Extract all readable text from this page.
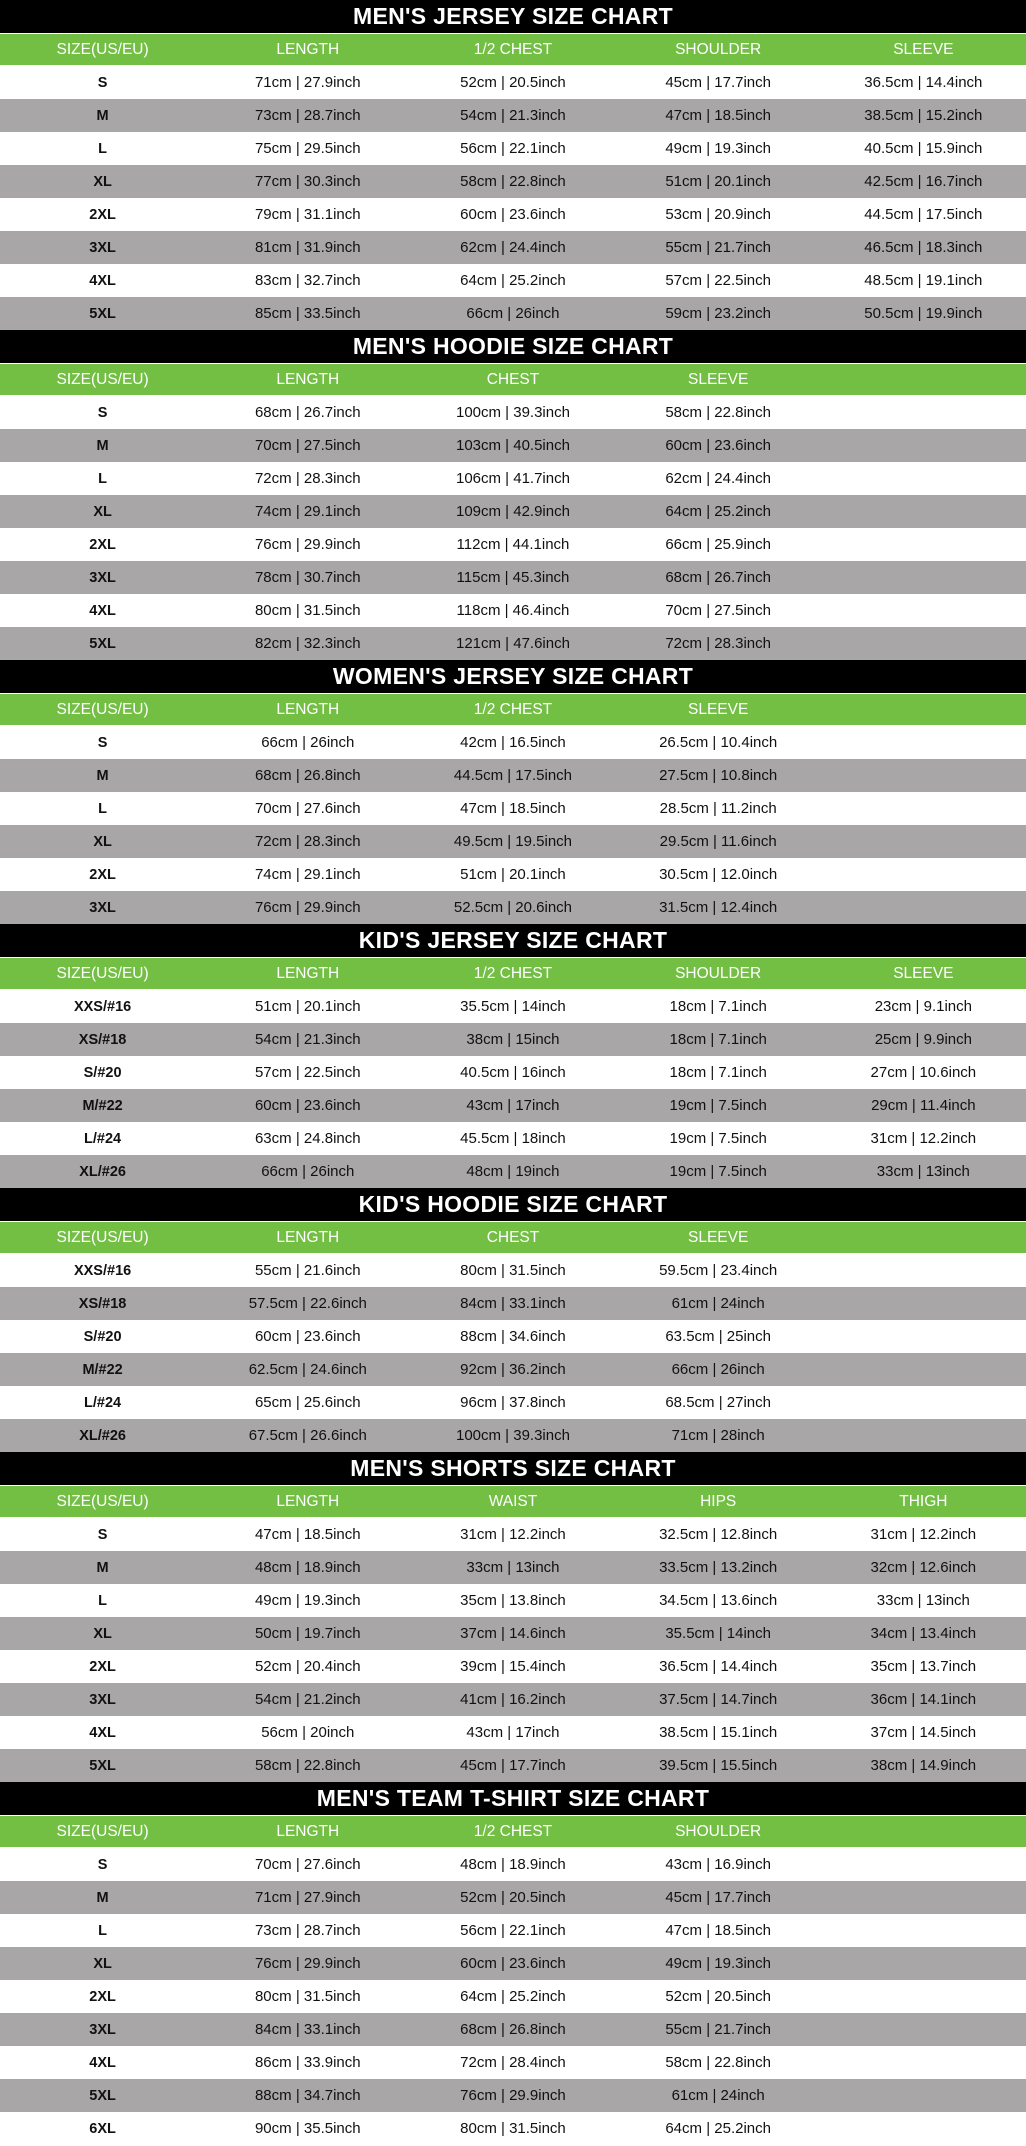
MEN'S JERSEY SIZE CHART
SIZE(US/EU)	LENGTH	1/2 CHEST	SHOULDER	SLEEVE
S	71cm | 27.9inch	52cm | 20.5inch	45cm | 17.7inch	36.5cm | 14.4inch
M	73cm | 28.7inch	54cm | 21.3inch	47cm | 18.5inch	38.5cm | 15.2inch
L	75cm | 29.5inch	56cm | 22.1inch	49cm | 19.3inch	40.5cm | 15.9inch
XL	77cm | 30.3inch	58cm | 22.8inch	51cm | 20.1inch	42.5cm | 16.7inch
2XL	79cm | 31.1inch	60cm | 23.6inch	53cm | 20.9inch	44.5cm | 17.5inch
3XL	81cm | 31.9inch	62cm | 24.4inch	55cm | 21.7inch	46.5cm | 18.3inch
4XL	83cm | 32.7inch	64cm | 25.2inch	57cm | 22.5inch	48.5cm | 19.1inch
5XL	85cm | 33.5inch	66cm | 26inch	59cm | 23.2inch	50.5cm | 19.9inch
MEN'S HOODIE SIZE CHART
SIZE(US/EU)	LENGTH	CHEST	SLEEVE
S	68cm | 26.7inch	100cm | 39.3inch	58cm | 22.8inch
M	70cm | 27.5inch	103cm | 40.5inch	60cm | 23.6inch
L	72cm | 28.3inch	106cm | 41.7inch	62cm | 24.4inch
XL	74cm | 29.1inch	109cm | 42.9inch	64cm | 25.2inch
2XL	76cm | 29.9inch	112cm | 44.1inch	66cm | 25.9inch
3XL	78cm | 30.7inch	115cm | 45.3inch	68cm | 26.7inch
4XL	80cm | 31.5inch	118cm | 46.4inch	70cm | 27.5inch
5XL	82cm | 32.3inch	121cm | 47.6inch	72cm | 28.3inch
WOMEN'S JERSEY SIZE CHART
SIZE(US/EU)	LENGTH	1/2 CHEST	SLEEVE
S	66cm | 26inch	42cm | 16.5inch	26.5cm | 10.4inch
M	68cm | 26.8inch	44.5cm | 17.5inch	27.5cm | 10.8inch
L	70cm | 27.6inch	47cm | 18.5inch	28.5cm | 11.2inch
XL	72cm | 28.3inch	49.5cm | 19.5inch	29.5cm | 11.6inch
2XL	74cm | 29.1inch	51cm | 20.1inch	30.5cm | 12.0inch
3XL	76cm | 29.9inch	52.5cm | 20.6inch	31.5cm | 12.4inch
KID'S JERSEY SIZE CHART
SIZE(US/EU)	LENGTH	1/2 CHEST	SHOULDER	SLEEVE
XXS/#16	51cm | 20.1inch	35.5cm | 14inch	18cm | 7.1inch	23cm | 9.1inch
XS/#18	54cm | 21.3inch	38cm | 15inch	18cm | 7.1inch	25cm | 9.9inch
S/#20	57cm | 22.5inch	40.5cm | 16inch	18cm | 7.1inch	27cm | 10.6inch
M/#22	60cm | 23.6inch	43cm | 17inch	19cm | 7.5inch	29cm | 11.4inch
L/#24	63cm | 24.8inch	45.5cm | 18inch	19cm | 7.5inch	31cm | 12.2inch
XL/#26	66cm | 26inch	48cm | 19inch	19cm | 7.5inch	33cm | 13inch
KID'S HOODIE SIZE CHART
SIZE(US/EU)	LENGTH	CHEST	SLEEVE
XXS/#16	55cm | 21.6inch	80cm | 31.5inch	59.5cm | 23.4inch
XS/#18	57.5cm | 22.6inch	84cm | 33.1inch	61cm | 24inch
S/#20	60cm | 23.6inch	88cm | 34.6inch	63.5cm | 25inch
M/#22	62.5cm | 24.6inch	92cm | 36.2inch	66cm | 26inch
L/#24	65cm | 25.6inch	96cm | 37.8inch	68.5cm | 27inch
XL/#26	67.5cm | 26.6inch	100cm | 39.3inch	71cm | 28inch
MEN'S SHORTS SIZE CHART
SIZE(US/EU)	LENGTH	WAIST	HIPS	THIGH
S	47cm | 18.5inch	31cm | 12.2inch	32.5cm | 12.8inch	31cm | 12.2inch
M	48cm | 18.9inch	33cm | 13inch	33.5cm | 13.2inch	32cm | 12.6inch
L	49cm | 19.3inch	35cm | 13.8inch	34.5cm | 13.6inch	33cm | 13inch
XL	50cm | 19.7inch	37cm | 14.6inch	35.5cm | 14inch	34cm | 13.4inch
2XL	52cm | 20.4inch	39cm | 15.4inch	36.5cm | 14.4inch	35cm | 13.7inch
3XL	54cm | 21.2inch	41cm | 16.2inch	37.5cm | 14.7inch	36cm | 14.1inch
4XL	56cm | 20inch	43cm | 17inch	38.5cm | 15.1inch	37cm | 14.5inch
5XL	58cm | 22.8inch	45cm | 17.7inch	39.5cm | 15.5inch	38cm | 14.9inch
MEN'S TEAM T-SHIRT SIZE CHART
SIZE(US/EU)	LENGTH	1/2 CHEST	SHOULDER
S	70cm | 27.6inch	48cm | 18.9inch	43cm | 16.9inch
M	71cm | 27.9inch	52cm | 20.5inch	45cm | 17.7inch
L	73cm | 28.7inch	56cm | 22.1inch	47cm | 18.5inch
XL	76cm | 29.9inch	60cm | 23.6inch	49cm | 19.3inch
2XL	80cm | 31.5inch	64cm | 25.2inch	52cm | 20.5inch
3XL	84cm | 33.1inch	68cm | 26.8inch	55cm | 21.7inch
4XL	86cm | 33.9inch	72cm | 28.4inch	58cm | 22.8inch
5XL	88cm | 34.7inch	76cm | 29.9inch	61cm | 24inch
6XL	90cm | 35.5inch	80cm | 31.5inch	64cm | 25.2inch
